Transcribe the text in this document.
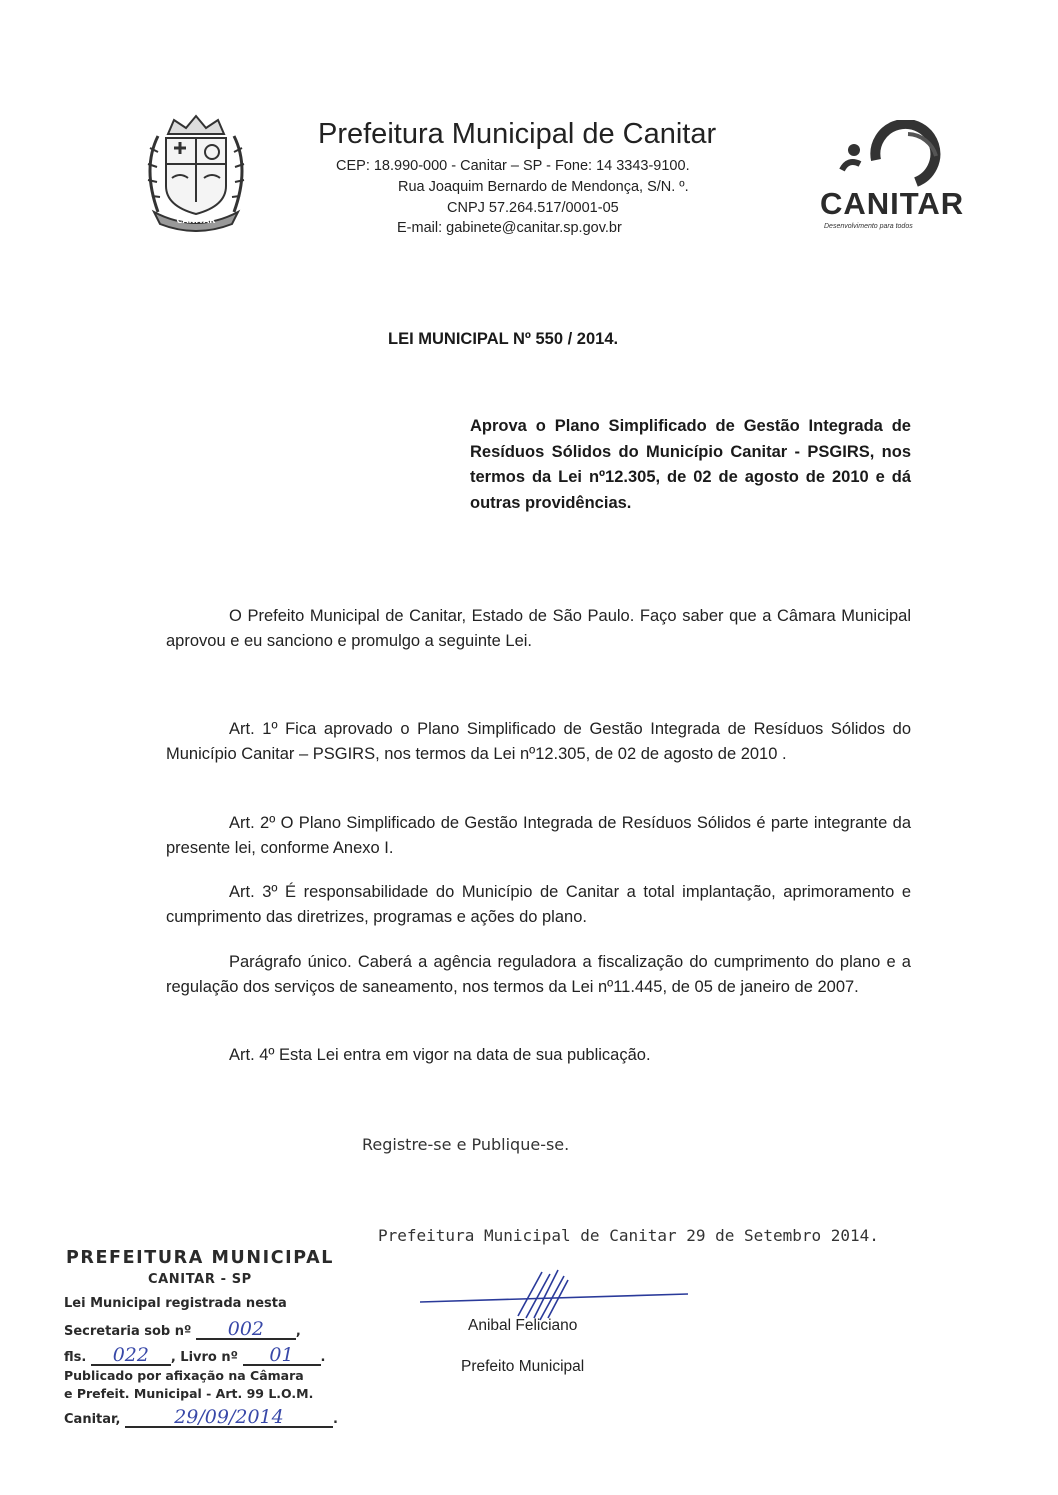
CANITAR
Prefeitura Municipal de Canitar
CEP: 18.990-000 - Canitar – SP - Fone: 14 3343-9100.
Rua Joaquim Bernardo de Mendonça, S/N. º.
CNPJ 57.264.517/0001-05
E-mail: gabinete@canitar.sp.gov.br
CANITAR
Desenvolvimento para todos
LEI MUNICIPAL Nº 550 / 2014.
Aprova o Plano Simplificado de Gestão Integrada de Resíduos Sólidos do Município Canitar - PSGIRS, nos termos da Lei nº12.305, de 02 de agosto de 2010 e dá outras providências.
O Prefeito Municipal de Canitar, Estado de São Paulo. Faço saber que a Câmara Municipal aprovou e eu sanciono e promulgo a seguinte Lei.
Art. 1º Fica aprovado o Plano Simplificado de Gestão Integrada de Resíduos Sólidos do Município Canitar – PSGIRS, nos termos da Lei nº12.305, de 02 de agosto de 2010 .
Art. 2º O Plano Simplificado de Gestão Integrada de Resíduos Sólidos é parte integrante da presente lei, conforme Anexo I.
Art. 3º É responsabilidade do Município de Canitar a total implantação, aprimoramento e cumprimento das diretrizes, programas e ações do plano.
Parágrafo único. Caberá a agência reguladora a fiscalização do cumprimento do plano e a regulação dos serviços de saneamento, nos termos da Lei nº11.445, de 05 de janeiro de 2007.
Art. 4º Esta Lei entra em vigor na data de sua publicação.
Registre-se e Publique-se.
Prefeitura Municipal de Canitar 29 de Setembro 2014.
Anibal Feliciano
Prefeito Municipal
PREFEITURA MUNICIPAL
CANITAR - SP
Lei Municipal registrada nesta
Secretaria sob nº 002 ,
fls. 022 , Livro nº 01 .
Publicado por afixação na Câmara
e Prefeit. Municipal - Art. 99 L.O.M.
Canitar,	29/09/2014	.
